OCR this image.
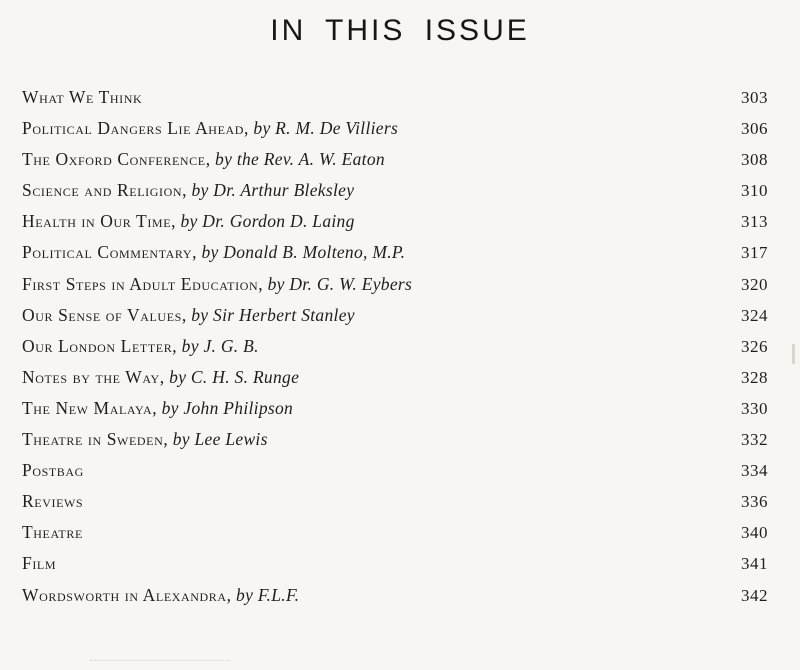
IN THIS ISSUE
What We Think	303
Political Dangers Lie Ahead, by R. M. De Villiers	306
The Oxford Conference, by the Rev. A. W. Eaton	308
Science and Religion, by Dr. Arthur Bleksley	310
Health in Our Time, by Dr. Gordon D. Laing	313
Political Commentary, by Donald B. Molteno, M.P.	317
First Steps in Adult Education, by Dr. G. W. Eybers	320
Our Sense of Values, by Sir Herbert Stanley	324
Our London Letter, by J. G. B.	326
Notes by the Way, by C. H. S. Runge	328
The New Malaya, by John Philipson	330
Theatre in Sweden, by Lee Lewis	332
Postbag	334
Reviews	336
Theatre	340
Film	341
Wordsworth in Alexandra, by F.L.F.	342
